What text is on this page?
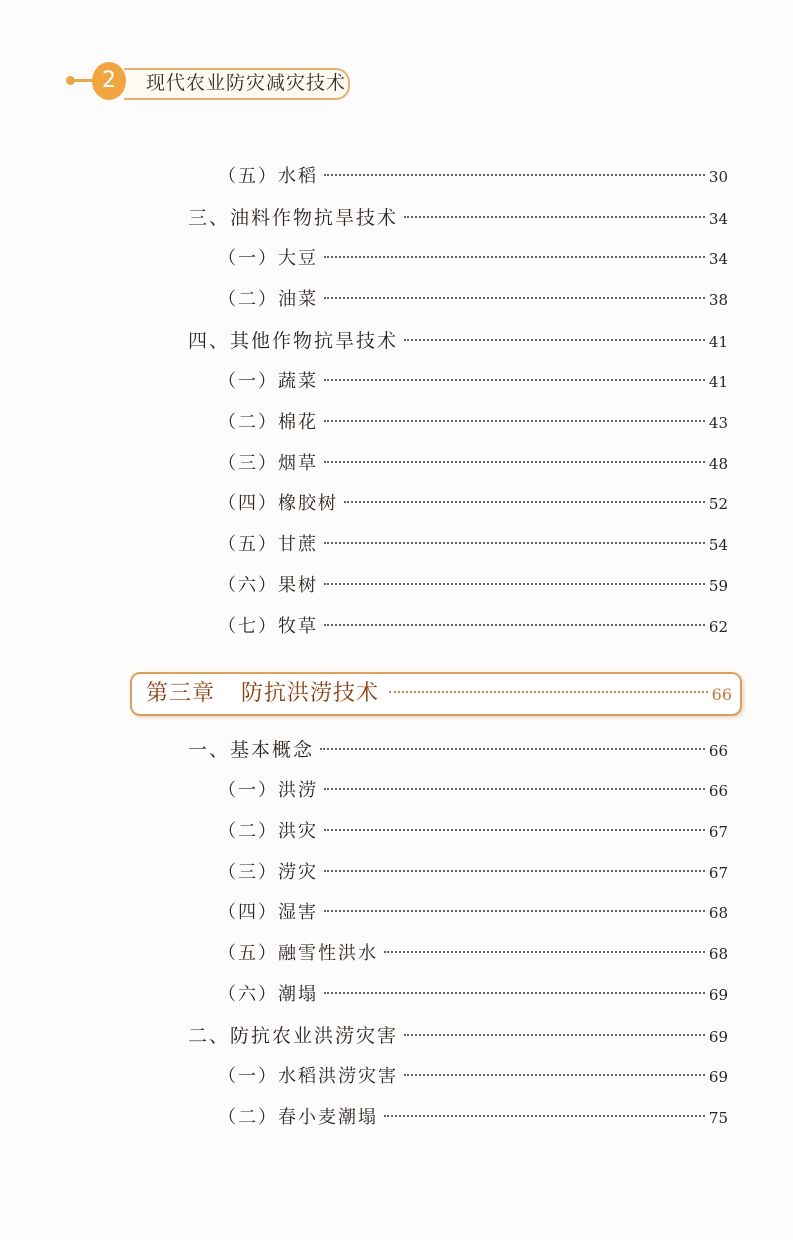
2	现代农业防灾减灾技术
（五）水稻	30
三、油料作物抗旱技术	34
（一）大豆	34
（二）油菜	38
四、其他作物抗旱技术	41
（一）蔬菜	41
（二）棉花	43
（三）烟草	48
（四）橡胶树	52
（五）甘蔗	54
（六）果树	59
（七）牧草	62
第三章 防抗洪涝技术	66
一、基本概念	66
（一）洪涝	66
（二）洪灾	67
（三）涝灾	67
（四）湿害	68
（五）融雪性洪水	68
（六）潮塌	69
二、防抗农业洪涝灾害	69
（一）水稻洪涝灾害	69
（二）春小麦潮塌	75
